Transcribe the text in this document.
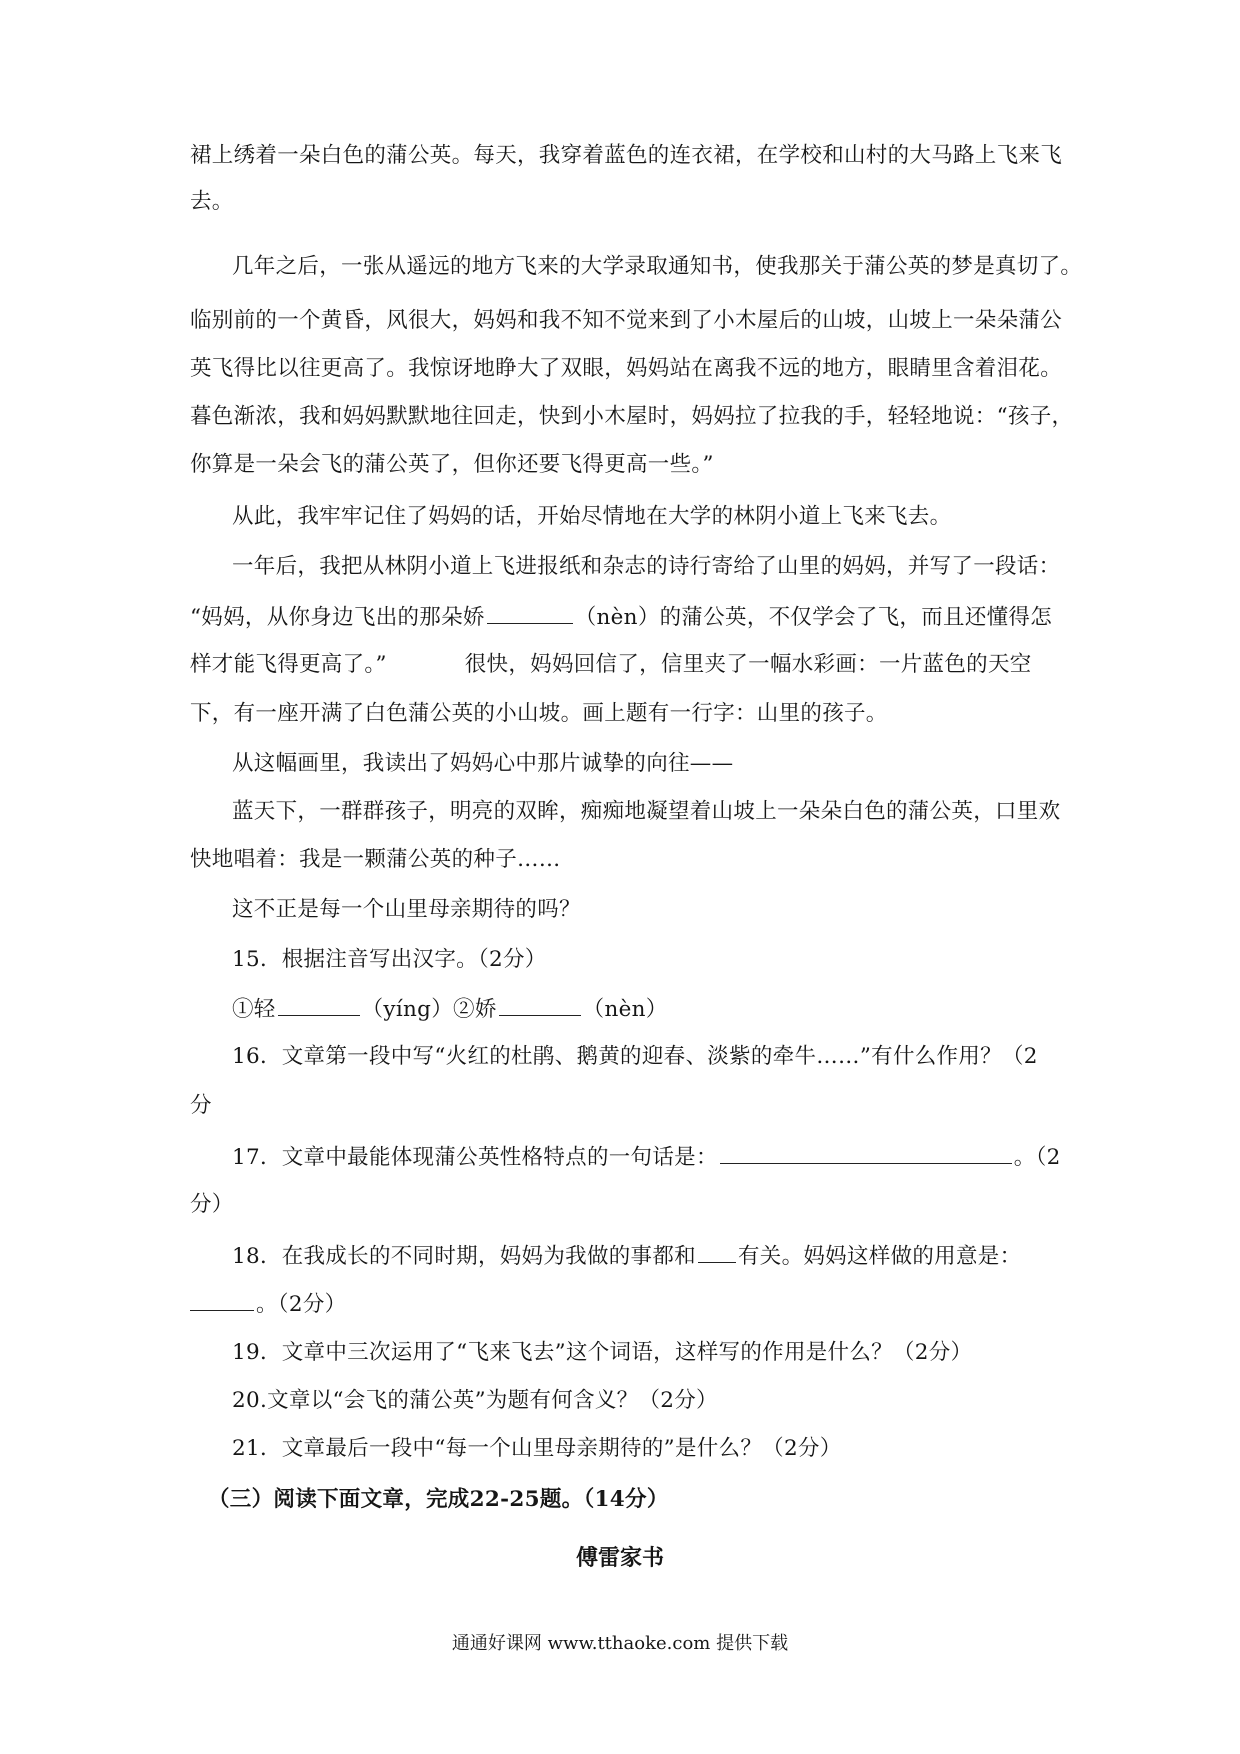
裙上绣着一朵白色的蒲公英。每天，我穿着蓝色的连衣裙，在学校和山村的大马路上飞来飞
去。
几年之后，一张从遥远的地方飞来的大学录取通知书，使我那关于蒲公英的梦是真切了。
临别前的一个黄昏，风很大，妈妈和我不知不觉来到了小木屋后的山坡，山坡上一朵朵蒲公
英飞得比以往更高了。我惊讶地睁大了双眼，妈妈站在离我不远的地方，眼睛里含着泪花。
暮色渐浓，我和妈妈默默地往回走，快到小木屋时，妈妈拉了拉我的手，轻轻地说：“孩子，
你算是一朵会飞的蒲公英了，但你还要飞得更高一些。”
从此，我牢牢记住了妈妈的话，开始尽情地在大学的林阴小道上飞来飞去。
一年后，我把从林阴小道上飞进报纸和杂志的诗行寄给了山里的妈妈，并写了一段话：
“妈妈，从你身边飞出的那朵娇	（nèn）的蒲公英，不仅学会了飞，而且还懂得怎
样才能飞得更高了。”	很快，妈妈回信了，信里夹了一幅水彩画：一片蓝色的天空
下，有一座开满了白色蒲公英的小山坡。画上题有一行字：山里的孩子。
从这幅画里，我读出了妈妈心中那片诚挚的向往——
蓝天下，一群群孩子，明亮的双眸，痴痴地凝望着山坡上一朵朵白色的蒲公英，口里欢
快地唱着：我是一颗蒲公英的种子……
这不正是每一个山里母亲期待的吗？
15．根据注音写出汉字。（2分）
①轻	（yíng）②娇	（nèn）
16．文章第一段中写“火红的杜鹃、鹅黄的迎春、淡紫的牵牛……”有什么作用？（2
分
17．文章中最能体现蒲公英性格特点的一句话是：	。（2
分）
18．在我成长的不同时期，妈妈为我做的事都和 有关。妈妈这样做的用意是：
。（2分）
19．文章中三次运用了“飞来飞去”这个词语，这样写的作用是什么？（2分）
20.文章以“会飞的蒲公英”为题有何含义？（2分）
21．文章最后一段中“每一个山里母亲期待的”是什么？（2分）
（三）阅读下面文章，完成22-25题。（14分）
傅雷家书
通通好课网 www.tthaoke.com 提供下载
